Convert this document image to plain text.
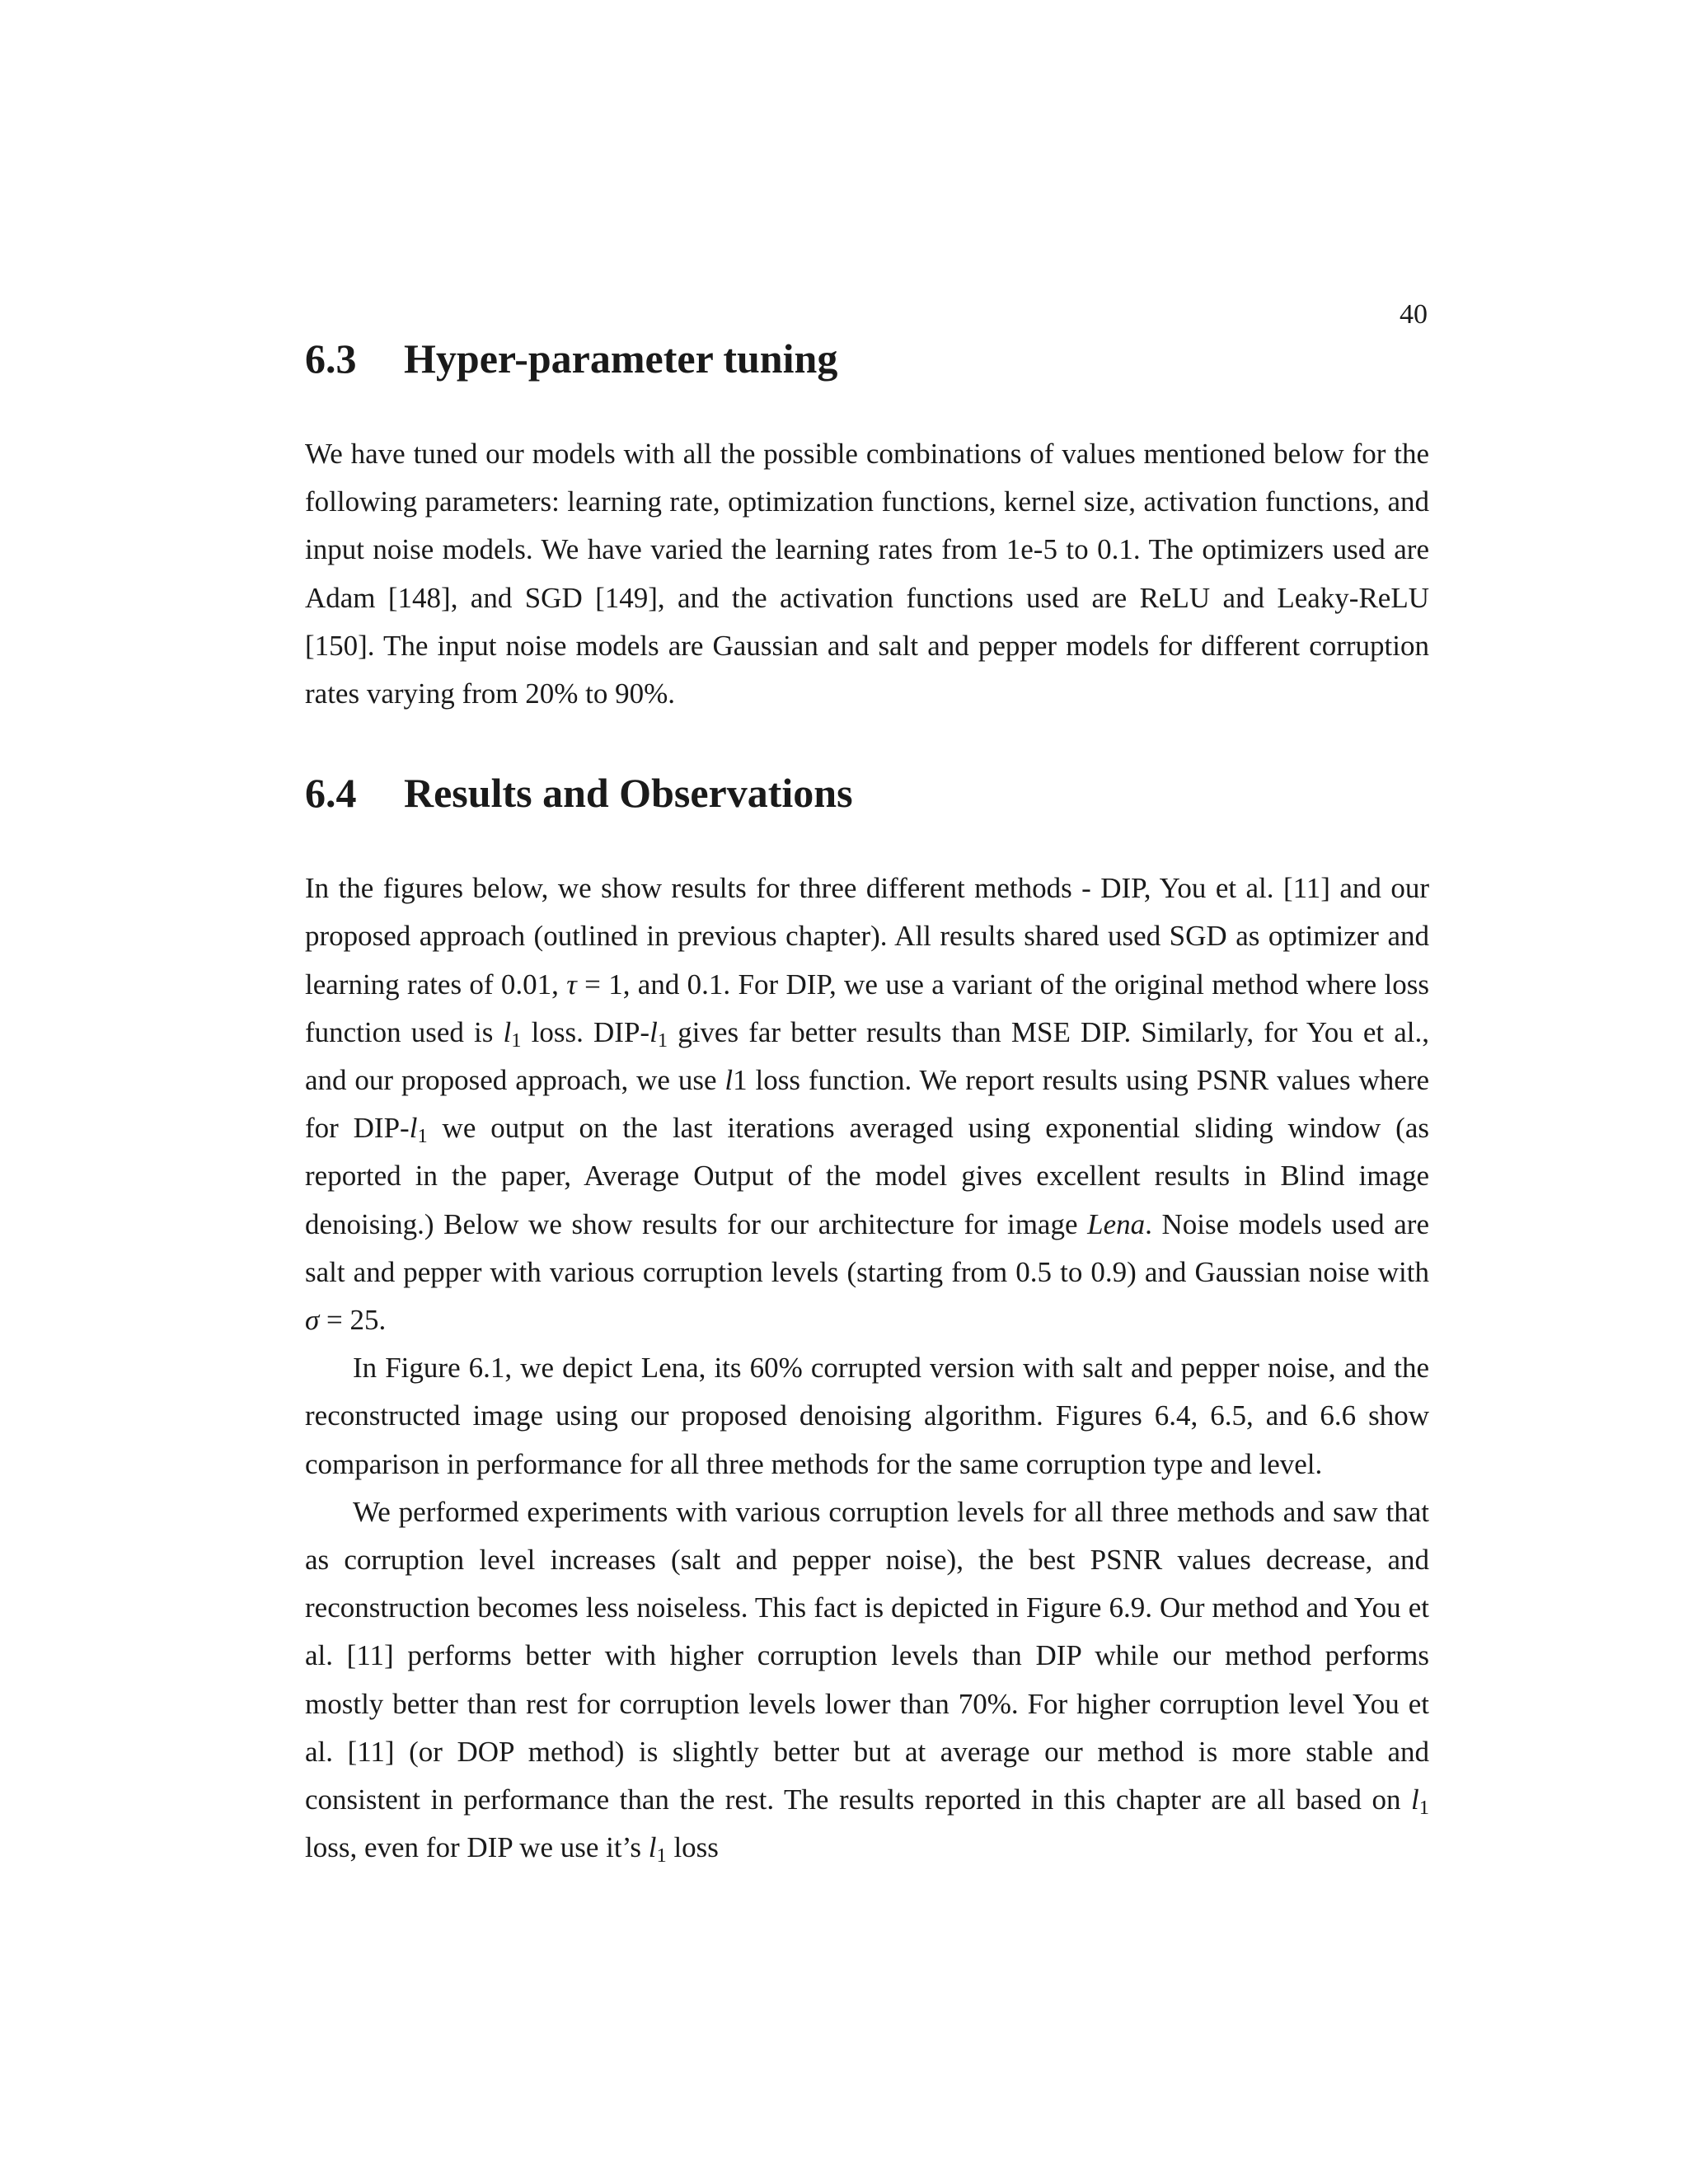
40
6.3 Hyper-parameter tuning

We have tuned our models with all the possible combinations of values mentioned below for the following parameters: learning rate, optimization functions, kernel size, activation functions, and input noise models. We have varied the learning rates from 1e-5 to 0.1. The optimizers used are Adam [148], and SGD [149], and the activation functions used are ReLU and Leaky-ReLU [150]. The input noise models are Gaussian and salt and pepper models for different corruption rates varying from 20% to 90%.

6.4 Results and Observations

In the figures below, we show results for three different methods - DIP, You et al. [11] and our proposed approach (outlined in previous chapter). All results shared used SGD as optimizer and learning rates of 0.01, τ = 1, and 0.1. For DIP, we use a variant of the original method where loss function used is $l_1$ loss. DIP-$l_1$ gives far better results than MSE DIP. Similarly, for You et al., and our proposed approach, we use l1 loss function. We report results using PSNR values where for DIP-$l_1$ we output on the last iterations averaged using exponential sliding window (as reported in the paper, Average Output of the model gives excellent results in Blind image denoising.) Below we show results for our architecture for image Lena. Noise models used are salt and pepper with various corruption levels (starting from 0.5 to 0.9) and Gaussian noise with σ = 25.

In Figure 6.1, we depict Lena, its 60% corrupted version with salt and pepper noise, and the reconstructed image using our proposed denoising algorithm. Figures 6.4, 6.5, and 6.6 show comparison in performance for all three methods for the same corruption type and level.

We performed experiments with various corruption levels for all three methods and saw that as corruption level increases (salt and pepper noise), the best PSNR values decrease, and reconstruction becomes less noiseless. This fact is depicted in Figure 6.9. Our method and You et al. [11] performs better with higher corruption levels than DIP while our method performs mostly better than rest for corruption levels lower than 70%. For higher corruption level You et al. [11] (or DOP method) is slightly better but at average our method is more stable and consistent in performance than the rest. The results reported in this chapter are all based on $l_1$ loss, even for DIP we use it’s $l_1$ loss
